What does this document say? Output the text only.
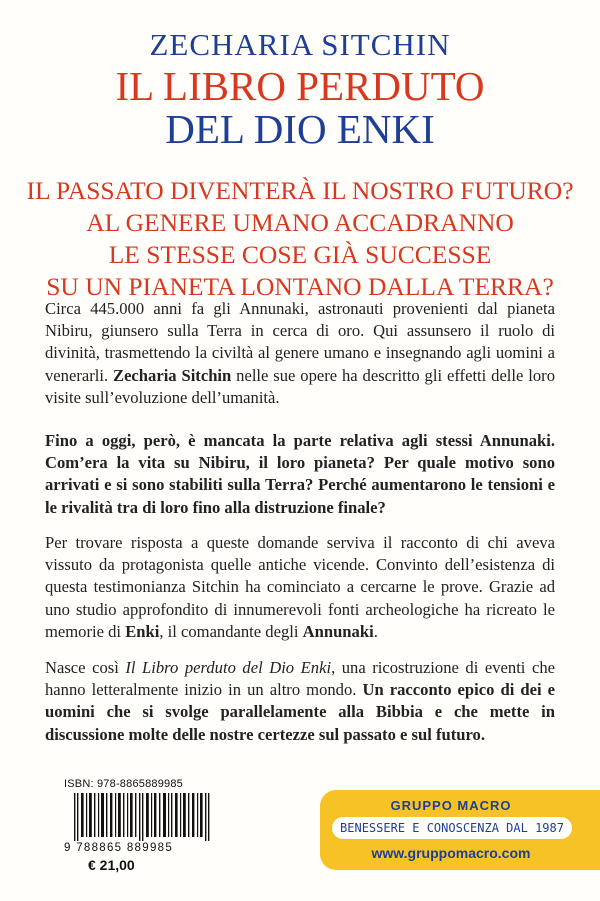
ZECHARIA SITCHIN
IL LIBRO PERDUTO
DEL DIO ENKI
IL PASSATO DIVENTERÀ IL NOSTRO FUTURO?
AL GENERE UMANO ACCADRANNO
LE STESSE COSE GIÀ SUCCESSE
SU UN PIANETA LONTANO DALLA TERRA?
Circa 445.000 anni fa gli Annunaki, astronauti provenienti dal pianeta Nibiru, giunsero sulla Terra in cerca di oro. Qui assunsero il ruolo di divinità, trasmettendo la civiltà al genere umano e insegnando agli uomini a venerarli. Zecharia Sitchin nelle sue opere ha descritto gli effetti delle loro visite sull’evoluzione dell’umanità.
Fino a oggi, però, è mancata la parte relativa agli stessi Annunaki. Com’era la vita su Nibiru, il loro pianeta? Per quale motivo sono arrivati e si sono stabiliti sulla Terra? Perché aumentarono le tensioni e le rivalità tra di loro fino alla distruzione finale?
Per trovare risposta a queste domande serviva il racconto di chi aveva vissuto da protagonista quelle antiche vicende. Convinto dell’esistenza di questa testimonianza Sitchin ha cominciato a cercarne le prove. Grazie ad uno studio approfondito di innumerevoli fonti archeologiche ha ricreato le memorie di Enki, il comandante degli Annunaki.
Nasce così Il Libro perduto del Dio Enki, una ricostruzione di eventi che hanno letteralmente inizio in un altro mondo. Un racconto epico di dei e uomini che si svolge parallelamente alla Bibbia e che mette in discussione molte delle nostre certezze sul passato e sul futuro.
ISBN: 978-8865889985
9 788865 889985
€ 21,00
GRUPPO MACRO
BENESSERE E CONOSCENZA DAL 1987
www.gruppomacro.com
